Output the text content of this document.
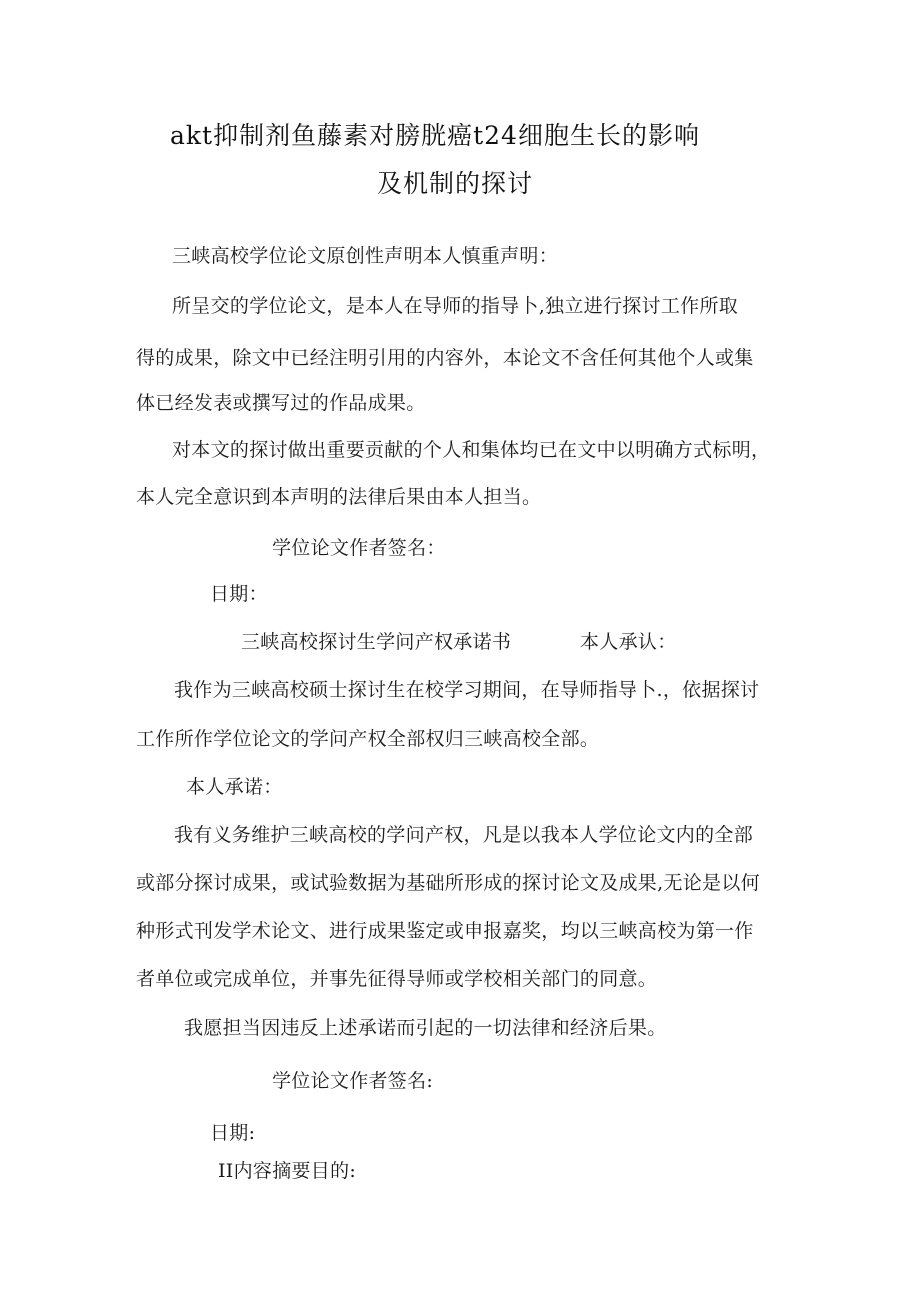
akt抑制剂鱼藤素对膀胱癌t24细胞生长的影响
及机制的探讨
三峡高校学位论文原创性声明本人慎重声明：
所呈交的学位论文，是本人在导师的指导卜,独立进行探讨工作所取
得的成果，除文中已经注明引用的内容外，本论文不含任何其他个人或集
体已经发表或撰写过的作品成果。
对本文的探讨做出重要贡献的个人和集体均已在文中以明确方式标明，
本人完全意识到本声明的法律后果由本人担当。
学位论文作者签名：
日期：
三峡高校探讨生学问产权承诺书	本人承认：
我作为三峡高校硕士探讨生在校学习期间，在导师指导卜.，依据探讨
工作所作学位论文的学问产权全部权归三峡高校全部。
本人承诺：
我有义务维护三峡高校的学问产权，凡是以我本人学位论文内的全部
或部分探讨成果，或试验数据为基础所形成的探讨论文及成果,无论是以何
种形式刊发学术论文、进行成果鉴定或申报嘉奖，均以三峡高校为第一作
者单位或完成单位，并事先征得导师或学校相关部门的同意。
我愿担当因违反上述承诺而引起的一切法律和经济后果。
学位论文作者签名:
日期:
II内容摘要目的:
